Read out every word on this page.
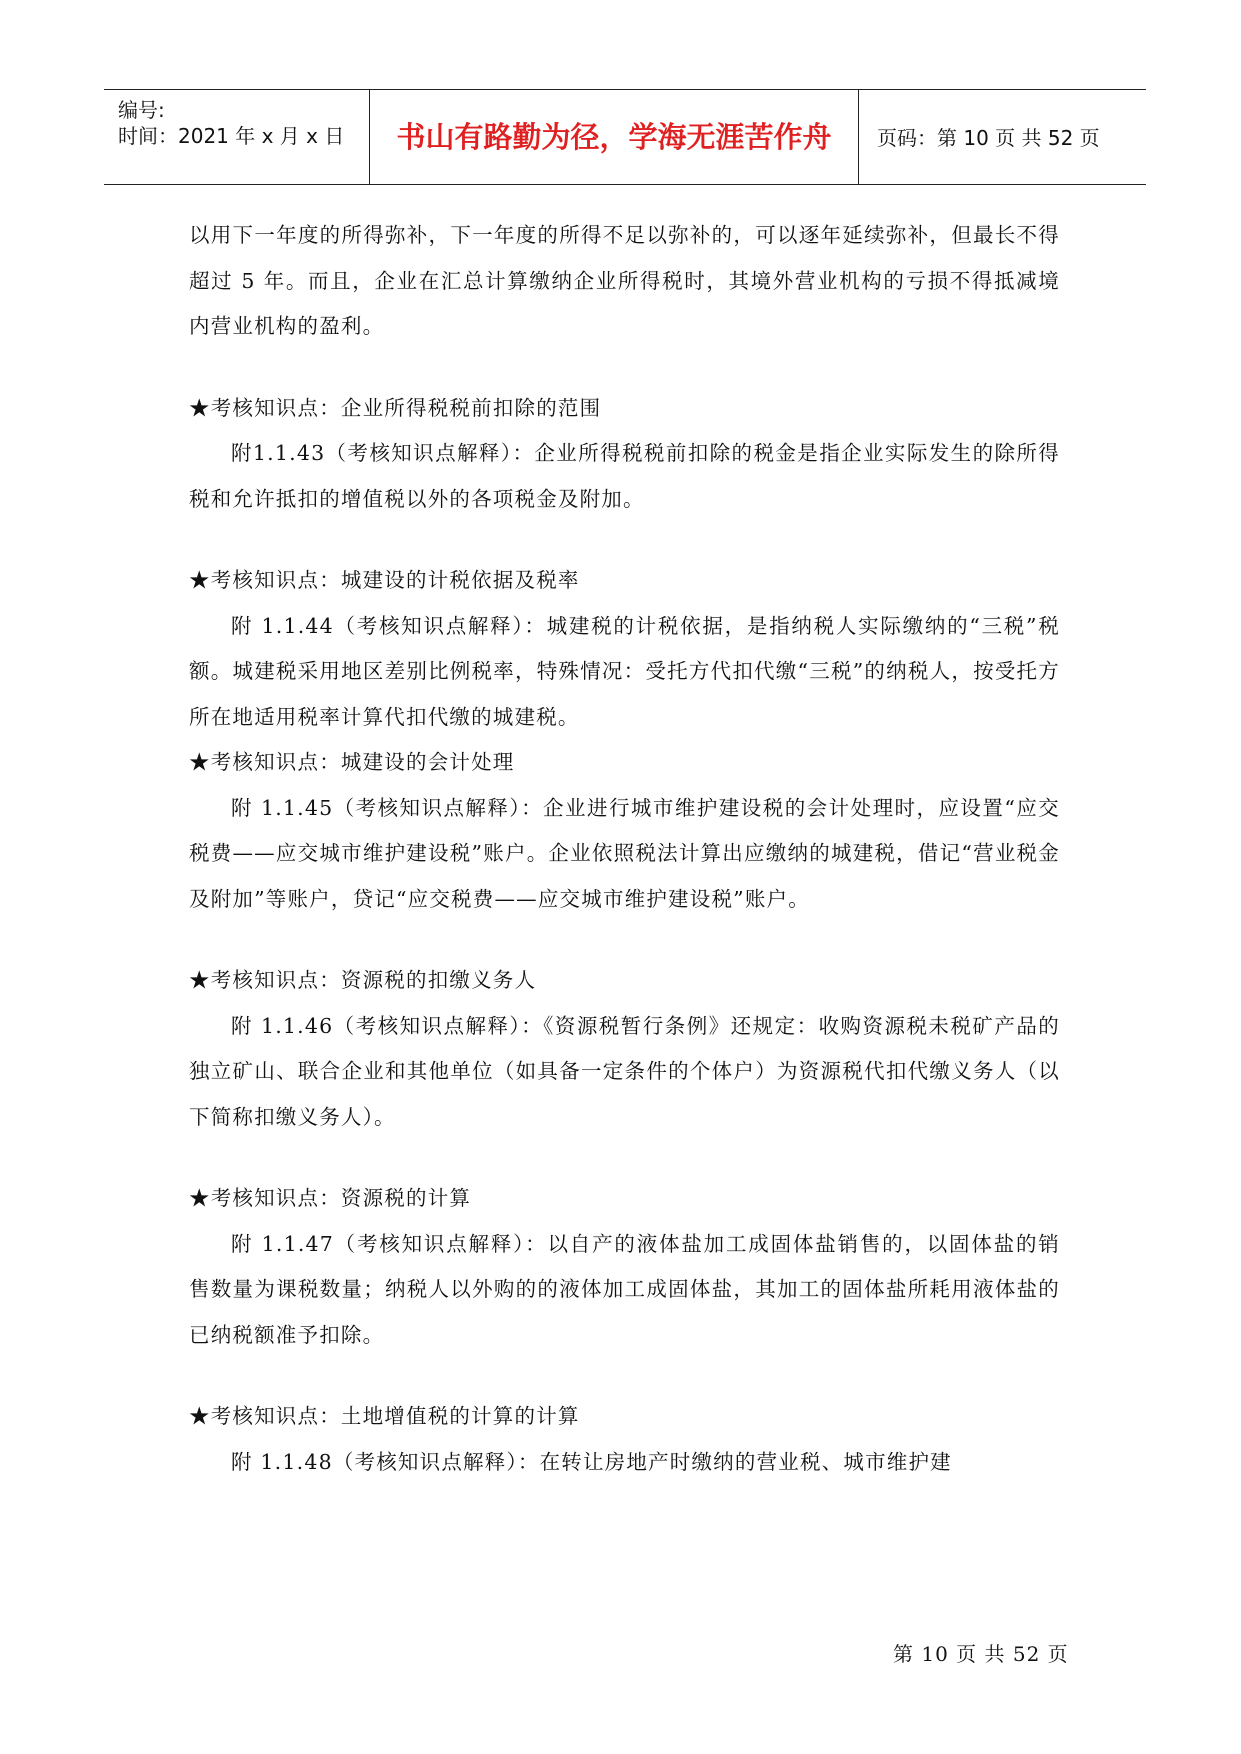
编号:
时间：2021 年 x 月 x 日	书山有路勤为径，学海无涯苦作舟	页码：第 10 页 共 52 页
以用下一年度的所得弥补，下一年度的所得不足以弥补的，可以逐年延续弥补，但最长不得超过 5 年。而且，企业在汇总计算缴纳企业所得税时，其境外营业机构的亏损不得抵减境内营业机构的盈利。
★考核知识点：企业所得税税前扣除的范围
附1.1.43（考核知识点解释）：企业所得税税前扣除的税金是指企业实际发生的除所得税和允许抵扣的增值税以外的各项税金及附加。
★考核知识点：城建设的计税依据及税率
附 1.1.44（考核知识点解释）：城建税的计税依据，是指纳税人实际缴纳的“三税”税额。城建税采用地区差别比例税率，特殊情况：受托方代扣代缴“三税”的纳税人，按受托方所在地适用税率计算代扣代缴的城建税。
★考核知识点：城建设的会计处理
附 1.1.45（考核知识点解释）：企业进行城市维护建设税的会计处理时，应设置“应交税费——应交城市维护建设税”账户。企业依照税法计算出应缴纳的城建税，借记“营业税金及附加”等账户，贷记“应交税费——应交城市维护建设税”账户。
★考核知识点：资源税的扣缴义务人
附 1.1.46（考核知识点解释）：《资源税暂行条例》还规定：收购资源税未税矿产品的独立矿山、联合企业和其他单位（如具备一定条件的个体户）为资源税代扣代缴义务人（以下简称扣缴义务人）。
★考核知识点：资源税的计算
附 1.1.47（考核知识点解释）：以自产的液体盐加工成固体盐销售的，以固体盐的销售数量为课税数量；纳税人以外购的的液体加工成固体盐，其加工的固体盐所耗用液体盐的已纳税额准予扣除。
★考核知识点：土地增值税的计算的计算
附 1.1.48（考核知识点解释）：在转让房地产时缴纳的营业税、城市维护建
第 10 页 共 52 页
